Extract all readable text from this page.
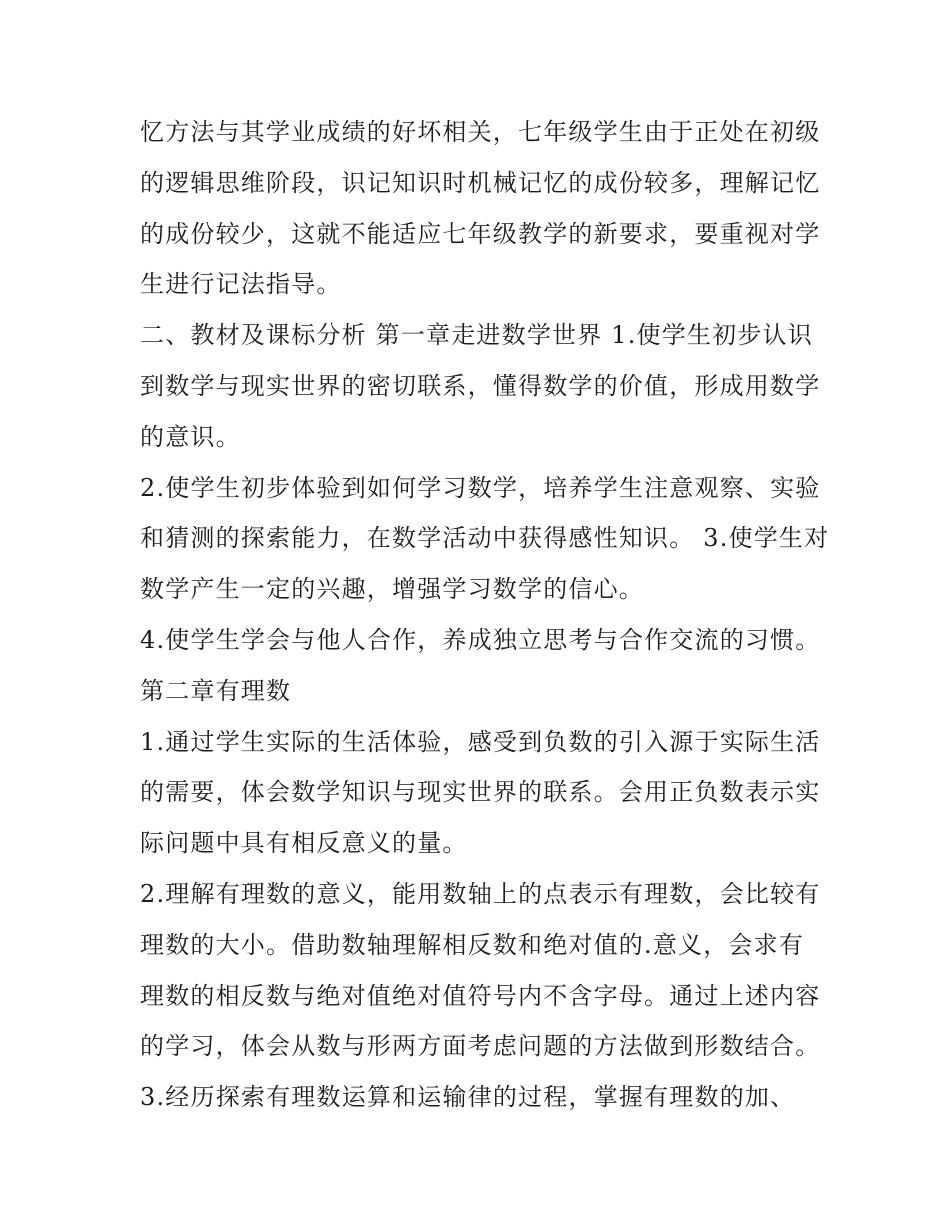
忆方法与其学业成绩的好坏相关，七年级学生由于正处在初级
的逻辑思维阶段，识记知识时机械记忆的成份较多，理解记忆
的成份较少，这就不能适应七年级教学的新要求，要重视对学
生进行记法指导。
二、教材及课标分析 第一章走进数学世界 1.使学生初步认识
到数学与现实世界的密切联系，懂得数学的价值，形成用数学
的意识。
2.使学生初步体验到如何学习数学，培养学生注意观察、实验
和猜测的探索能力，在数学活动中获得感性知识。 3.使学生对
数学产生一定的兴趣，增强学习数学的信心。
4.使学生学会与他人合作，养成独立思考与合作交流的习惯。
第二章有理数
1.通过学生实际的生活体验，感受到负数的引入源于实际生活
的需要，体会数学知识与现实世界的联系。会用正负数表示实
际问题中具有相反意义的量。
2.理解有理数的意义，能用数轴上的点表示有理数，会比较有
理数的大小。借助数轴理解相反数和绝对值的.意义，会求有
理数的相反数与绝对值绝对值符号内不含字母。通过上述内容
的学习，体会从数与形两方面考虑问题的方法做到形数结合。
3.经历探索有理数运算和运输律的过程，掌握有理数的加、
